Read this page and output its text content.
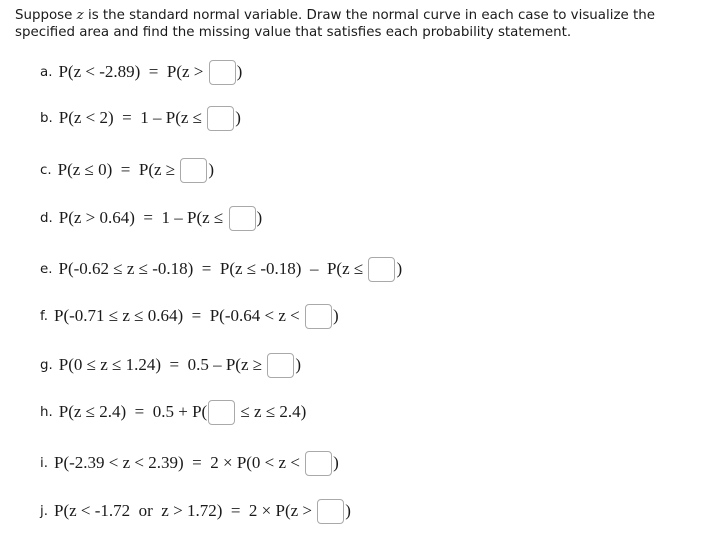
Suppose z is the standard normal variable. Draw the normal curve in each case to visualize the specified area and find the missing value that satisfies each probability statement.
a. P(z < -2.89)  =  P(z > )
b. P(z < 2)  =  1 – P(z ≤ )
c. P(z ≤ 0)  =  P(z ≥ )
d. P(z > 0.64)  =  1 – P(z ≤ )
e. P(-0.62 ≤ z ≤ -0.18)  =  P(z ≤ -0.18)  –  P(z ≤ )
f. P(-0.71 ≤ z ≤ 0.64)  =  P(-0.64 < z < )
g. P(0 ≤ z ≤ 1.24)  =  0.5 – P(z ≥ )
h. P(z ≤ 2.4)  =  0.5 + P( ≤ z ≤ 2.4)
i. P(-2.39 < z < 2.39)  =  2 × P(0 < z < )
j. P(z < -1.72  or  z > 1.72)  =  2 × P(z > )
